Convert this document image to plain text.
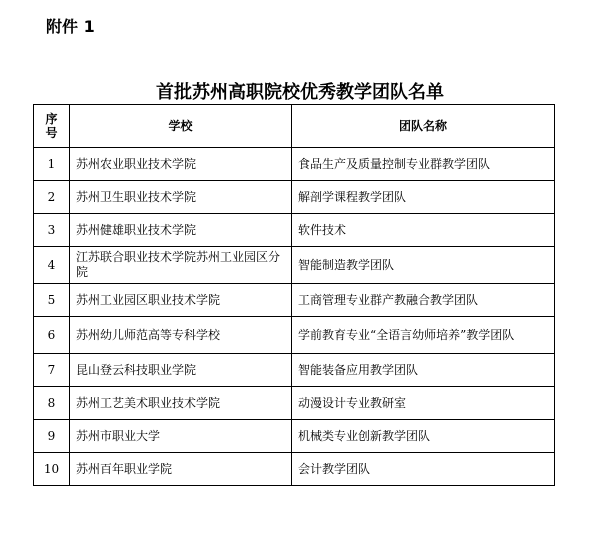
附件 1
首批苏州高职院校优秀教学团队名单
序
号	学校	团队名称
1	苏州农业职业技术学院	食品生产及质量控制专业群教学团队
2	苏州卫生职业技术学院	解剖学课程教学团队
3	苏州健雄职业技术学院	软件技术
4	江苏联合职业技术学院苏州工业园区分院	智能制造教学团队
5	苏州工业园区职业技术学院	工商管理专业群产教融合教学团队
6	苏州幼儿师范高等专科学校	学前教育专业“全语言幼师培养”教学团队
7	昆山登云科技职业学院	智能装备应用教学团队
8	苏州工艺美术职业技术学院	动漫设计专业教研室
9	苏州市职业大学	机械类专业创新教学团队
10	苏州百年职业学院	会计教学团队
